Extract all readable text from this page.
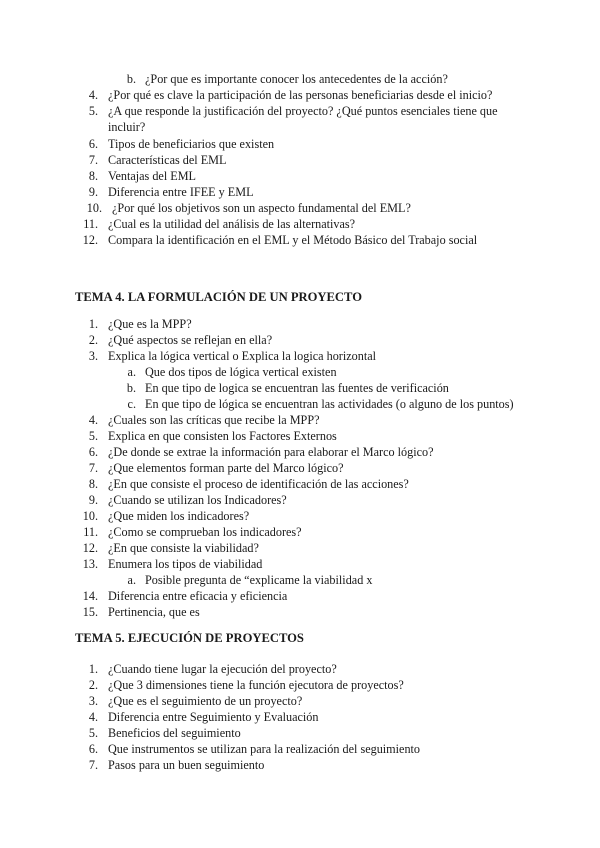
b. ¿Por que es importante conocer los antecedentes de la acción?
4. ¿Por qué es clave la participación de las personas beneficiarias desde el inicio?
5. ¿A que responde la justificación del proyecto? ¿Qué puntos esenciales tiene que
incluir?
6. Tipos de beneficiarios que existen
7. Características del EML
8. Ventajas del EML
9. Diferencia entre IFEE y EML
10. ¿Por qué los objetivos son un aspecto fundamental del EML?
11. ¿Cual es la utilidad del análisis de las alternativas?
12. Compara la identificación en el EML y el Método Básico del Trabajo social
TEMA 4. LA FORMULACIÓN DE UN PROYECTO
1. ¿Que es la MPP?
2. ¿Qué aspectos se reflejan en ella?
3. Explica la lógica vertical o Explica la logica horizontal
a. Que dos tipos de lógica vertical existen
b. En que tipo de logica se encuentran las fuentes de verificación
c. En que tipo de lógica se encuentran las actividades (o alguno de los puntos)
4. ¿Cuales son las críticas que recibe la MPP?
5. Explica en que consisten los Factores Externos
6. ¿De donde se extrae la información para elaborar el Marco lógico?
7. ¿Que elementos forman parte del Marco lógico?
8. ¿En que consiste el proceso de identificación de las acciones?
9. ¿Cuando se utilizan los Indicadores?
10. ¿Que miden los indicadores?
11. ¿Como se comprueban los indicadores?
12. ¿En que consiste la viabilidad?
13. Enumera los tipos de viabilidad
a. Posible pregunta de “explicame la viabilidad x
14. Diferencia entre eficacia y eficiencia
15. Pertinencia, que es
TEMA 5. EJECUCIÓN DE PROYECTOS
1. ¿Cuando tiene lugar la ejecución del proyecto?
2. ¿Que 3 dimensiones tiene la función ejecutora de proyectos?
3. ¿Que es el seguimiento de un proyecto?
4. Diferencia entre Seguimiento y Evaluación
5. Beneficios del seguimiento
6. Que instrumentos se utilizan para la realización del seguimiento
7. Pasos para un buen seguimiento
